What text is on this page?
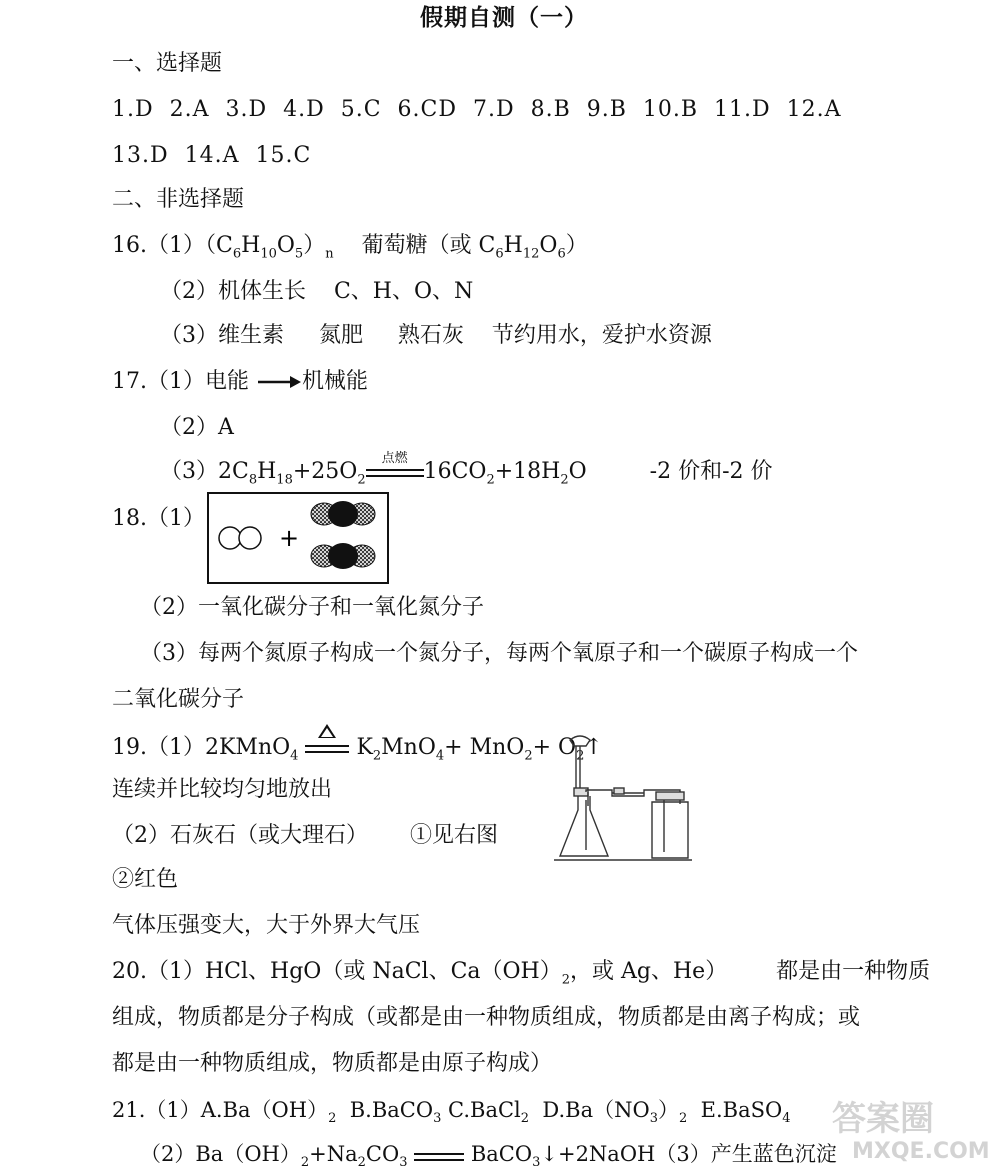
假期自测（一）
一、选择题
1.D  2.A  3.D  4.D  5.C  6.CD  7.D  8.B  9.B  10.B  11.D  12.A
13.D  14.A  15.C
二、非选择题
$16.(1)(C_6H_{10}O_5)_n$ 葡萄糖（或 $C_6H_{12}O_6$）
（2）机体生长    C、H、O、N
（3）维生素     氮肥     熟石灰    节约用水，爱护水资源
17.（1）电能 机械能
（2）A
$(3)2C_8H_{18}+25O_2$
点燃
$16CO_2+18H_2O$	-2 价和-2 价
18.（1）
+
（2）一氧化碳分子和一氧化氮分子
（3）每两个氮原子构成一个氮分子，每两个氧原子和一个碳原子构成一个
二氧化碳分子
19.（1）2KMnO$_4$	$K_2MnO_4+ MnO_2+$ $O_2↑$
连续并比较均匀地放出
（2）石灰石（或大理石）      ①见右图
②红色
气体压强变大，大于外界大气压
20.（1）HCl、HgO（或 NaCl、$Ca(OH)_2$，或 Ag、He）       都是由一种物质
组成，物质都是分子构成（或都是由一种物质组成，物质都是由离子构成；或
都是由一种物质组成，物质都是由原子构成）
$21.(1)A.Ba(OH)_2$  B.BaCO$_3$ C.BaCl$_2$  $D.Ba(NO_3)_2$  E.BaSO$_4$
$(2)Ba(OH)_2+Na_2CO_3$	BaCO$_3$↓+2NaOH（3）产生蓝色沉淀
答案圈
MXQE.COM
